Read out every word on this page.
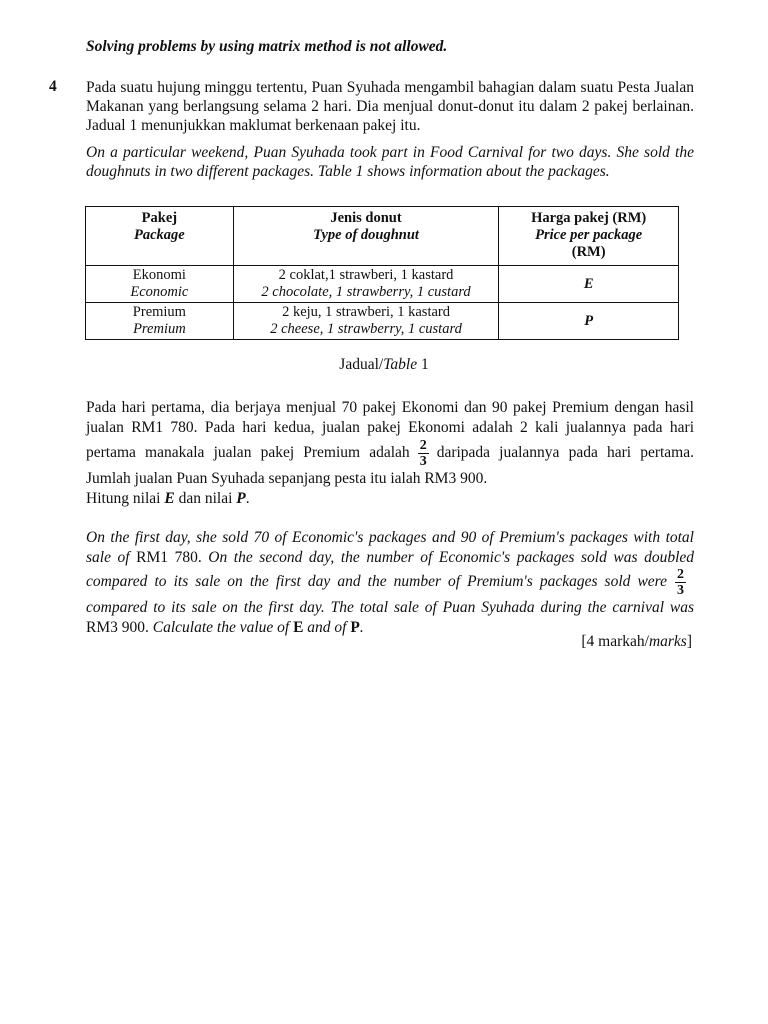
Solving problems by using matrix method is not allowed.
4 Pada suatu hujung minggu tertentu, Puan Syuhada mengambil bahagian dalam suatu Pesta Jualan Makanan yang berlangsung selama 2 hari. Dia menjual donut-donut itu dalam 2 pakej berlainan. Jadual 1 menunjukkan maklumat berkenaan pakej itu.
On a particular weekend, Puan Syuhada took part in Food Carnival for two days. She sold the doughnuts in two different packages. Table 1 shows information about the packages.
Pakej
Package	Jenis donut
Type of doughnut	Harga pakej (RM)
Price per package
(RM)

Ekonomi
Economic	2 coklat,1 strawberi, 1 kastard
2 chocolate, 1 strawberry, 1 custard	E

Premium
Premium	2 keju, 1 strawberi, 1 kastard
2 cheese, 1 strawberry, 1 custard	P
Jadual/Table 1

Pada hari pertama, dia berjaya menjual 70 pakej Ekonomi dan 90 pakej Premium dengan hasil jualan RM1 780. Pada hari kedua, jualan pakej Ekonomi adalah 2 kali jualannya pada hari pertama manakala jualan pakej Premium adalah $\frac{2}{3}$ daripada jualannya pada hari pertama. Jumlah jualan Puan Syuhada sepanjang pesta itu ialah RM3 900.

Hitung nilai E dan nilai P.

On the first day, she sold 70 of Economic's packages and 90 of Premium's packages with total sale of RM1 780. On the second day, the number of Economic's packages sold was doubled compared to its sale on the first day and the number of Premium's packages sold were $\frac{2}{3}$
compared to its sale on the first day. The total sale of Puan Syuhada during the carnival was RM3 900. Calculate the value of E and of P.

[4 markah/marks]
